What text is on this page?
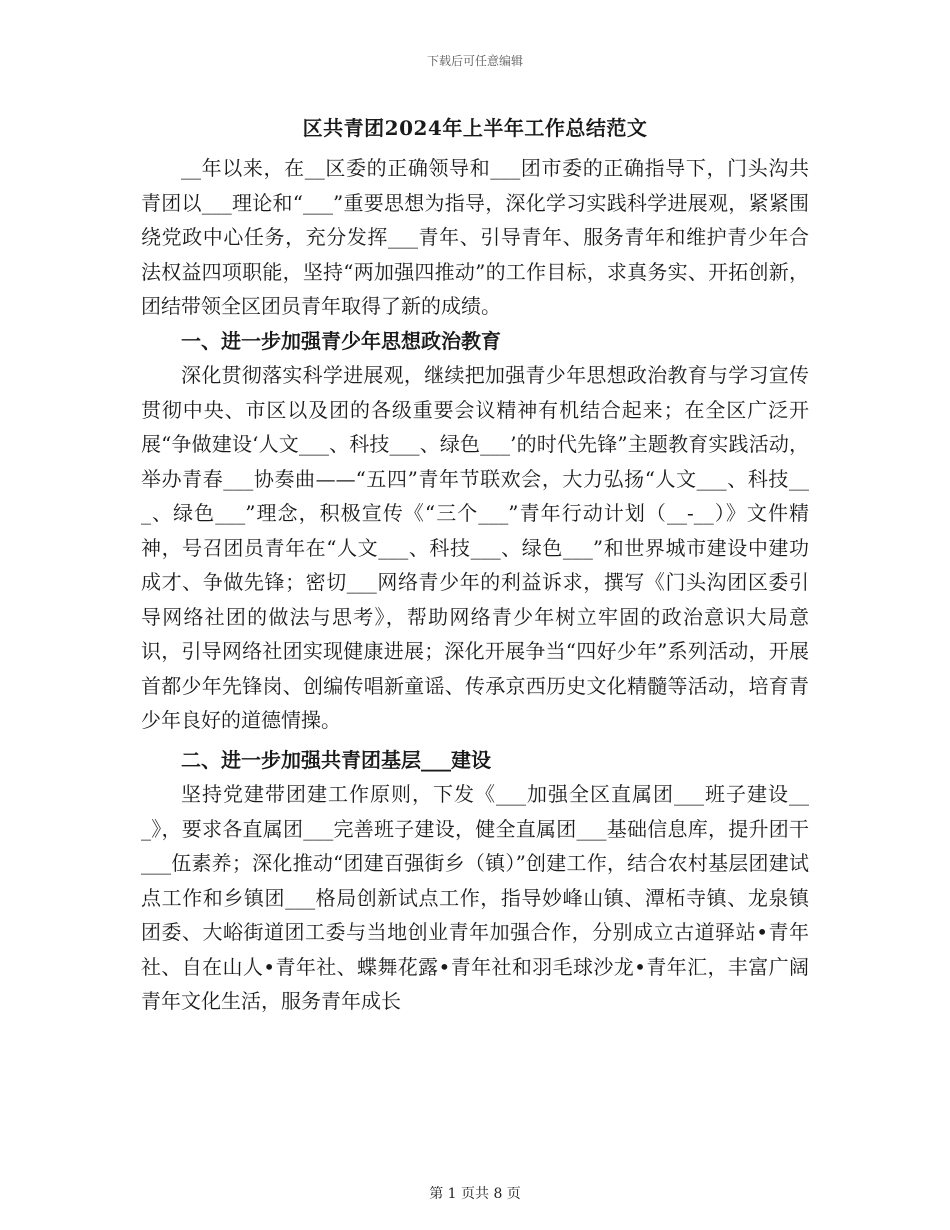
下载后可任意编辑
区共青团2024年上半年工作总结范文

__年以来，在__区委的正确领导和___团市委的正确指导下，门头沟共青团以___理论和“___”重要思想为指导，深化学习实践科学进展观，紧紧围绕党政中心任务，充分发挥___青年、引导青年、服务青年和维护青少年合法权益四项职能，坚持“两加强四推动”的工作目标，求真务实、开拓创新，团结带领全区团员青年取得了新的成绩。

一、进一步加强青少年思想政治教育

深化贯彻落实科学进展观，继续把加强青少年思想政治教育与学习宣传贯彻中央、市区以及团的各级重要会议精神有机结合起来；在全区广泛开展“争做建设‘人文___、科技___、绿色___’的时代先锋”主题教育实践活动，举办青春___协奏曲——“五四”青年节联欢会，大力弘扬“人文___、科技___、绿色___”理念，积极宣传《“三个___”青年行动计划（__-__）》文件精神，号召团员青年在“人文___、科技___、绿色___”和世界城市建设中建功成才、争做先锋；密切___网络青少年的利益诉求，撰写《门头沟团区委引导网络社团的做法与思考》，帮助网络青少年树立牢固的政治意识大局意识，引导网络社团实现健康进展；深化开展争当“四好少年”系列活动，开展首都少年先锋岗、创编传唱新童谣、传承京西历史文化精髓等活动，培育青少年良好的道德情操。

二、进一步加强共青团基层___建设

坚持党建带团建工作原则，下发《___加强全区直属团___班子建设___》，要求各直属团___完善班子建设，健全直属团___基础信息库，提升团干___伍素养；深化推动“团建百强街乡（镇）”创建工作，结合农村基层团建试点工作和乡镇团___格局创新试点工作，指导妙峰山镇、潭柘寺镇、龙泉镇团委、大峪街道团工委与当地创业青年加强合作，分别成立古道驿站•青年社、自在山人•青年社、蝶舞花露•青年社和羽毛球沙龙•青年汇，丰富广阔青年文化生活，服务青年成长

第 1 页共 8 页
